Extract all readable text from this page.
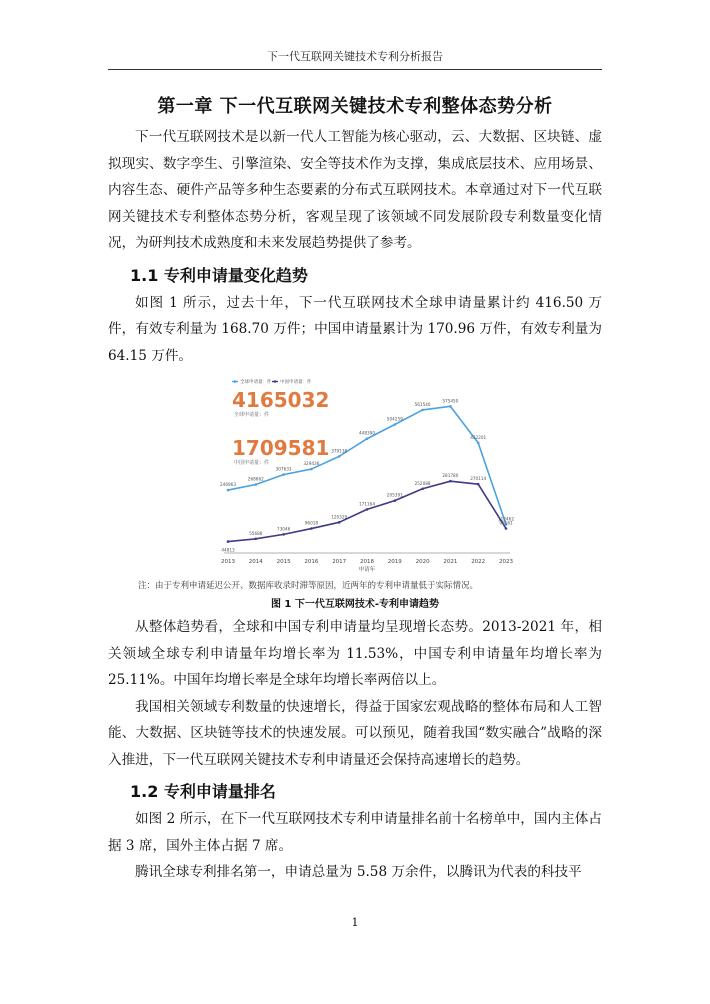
下一代互联网关键技术专利分析报告
第一章 下一代互联网关键技术专利整体态势分析

下一代互联网技术是以新一代人工智能为核心驱动，云、大数据、区块链、虚拟现实、数字孪生、引擎渲染、安全等技术作为支撑，集成底层技术、应用场景、内容生态、硬件产品等多种生态要素的分布式互联网技术。本章通过对下一代互联网关键技术专利整体态势分析，客观呈现了该领域不同发展阶段专利数量变化情况，为研判技术成熟度和未来发展趋势提供了参考。

1.1 专利申请量变化趋势

如图 1 所示，过去十年，下一代互联网技术全球申请量累计约 416.50 万件，有效专利量为 168.70 万件；中国申请量累计为 170.96 万件，有效专利量为 64.15 万件。

2013	2014	2015	2016	2017	2018	2019	2020	2021	2022	2023
申请年
246963
268662
307633
329436
379138
448390
504259
561540
575450
432201
112462
44813
55688
73046
96018
120329
171164
205391
252088
281780
270114
96161
全球申请量：件 中国申请量：件
4165032
全球申请量：件
1709581
中国申请量：件
注：由于专利申请延迟公开、数据库收录时滞等原因，近两年的专利申请量低于实际情况。
图 1 下一代互联网技术-专利申请趋势

从整体趋势看，全球和中国专利申请量均呈现增长态势。2013-2021 年，相关领域全球专利申请量年均增长率为 11.53%，中国专利申请量年均增长率为 25.11%。中国年均增长率是全球年均增长率两倍以上。

我国相关领域专利数量的快速增长，得益于国家宏观战略的整体布局和人工智能、大数据、区块链等技术的快速发展。可以预见，随着我国“数实融合”战略的深入推进，下一代互联网关键技术专利申请量还会保持高速增长的趋势。

1.2 专利申请量排名

如图 2 所示，在下一代互联网技术专利申请量排名前十名榜单中，国内主体占据 3 席，国外主体占据 7 席。

腾讯全球专利排名第一，申请总量为 5.58 万余件，以腾讯为代表的科技平

1
